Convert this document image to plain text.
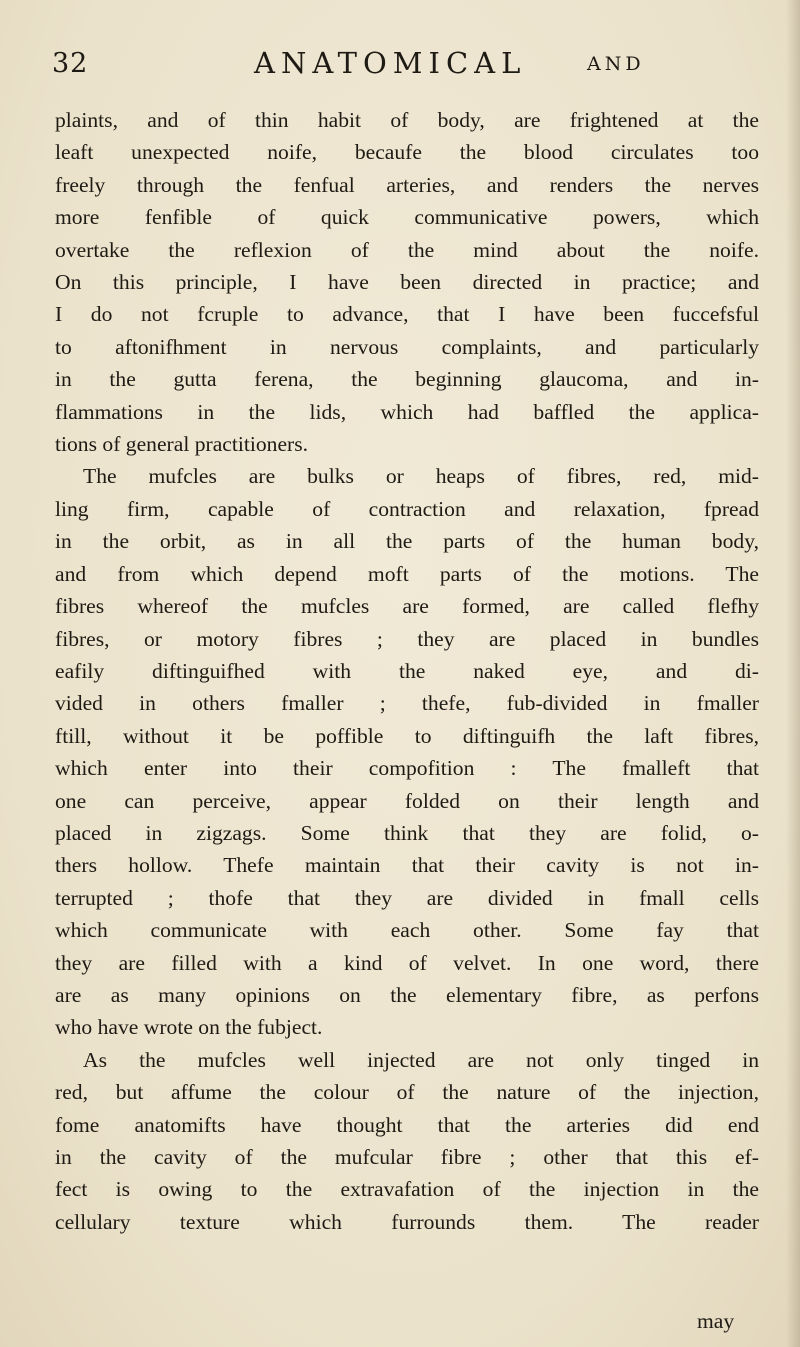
32	ANATOMICAL	AND
plaints, and of thin habit of body, are frightened at the
leaft unexpected noife, becaufe the blood circulates too
freely through the fenfual arteries, and renders the nerves
more fenfible of quick communicative powers, which
overtake the reflexion of the mind about the noife.
On this principle, I have been directed in practice; and
I do not fcruple to advance, that I have been fuccefsful
to aftonifhment in nervous complaints, and particularly
in the gutta ferena, the beginning glaucoma, and in-
flammations in the lids, which had baffled the applica-
tions of general practitioners.
The mufcles are bulks or heaps of fibres, red, mid-
ling firm, capable of contraction and relaxation, fpread
in the orbit, as in all the parts of the human body,
and from which depend moft parts of the motions. The
fibres whereof the mufcles are formed, are called flefhy
fibres, or motory fibres ; they are placed in bundles
eafily diftinguifhed with the naked eye, and di-
vided in others fmaller ; thefe, fub-divided in fmaller
ftill, without it be poffible to diftinguifh the laft fibres,
which enter into their compofition : The fmalleft that
one can perceive, appear folded on their length and
placed in zigzags. Some think that they are folid, o-
thers hollow. Thefe maintain that their cavity is not in-
terrupted ; thofe that they are divided in fmall cells
which communicate with each other. Some fay that
they are filled with a kind of velvet. In one word, there
are as many opinions on the elementary fibre, as perfons
who have wrote on the fubject.
As the mufcles well injected are not only tinged in
red, but affume the colour of the nature of the injection,
fome anatomifts have thought that the arteries did end
in the cavity of the mufcular fibre ; other that this ef-
fect is owing to the extravafation of the injection in the
cellulary texture which furrounds them. The reader
may
